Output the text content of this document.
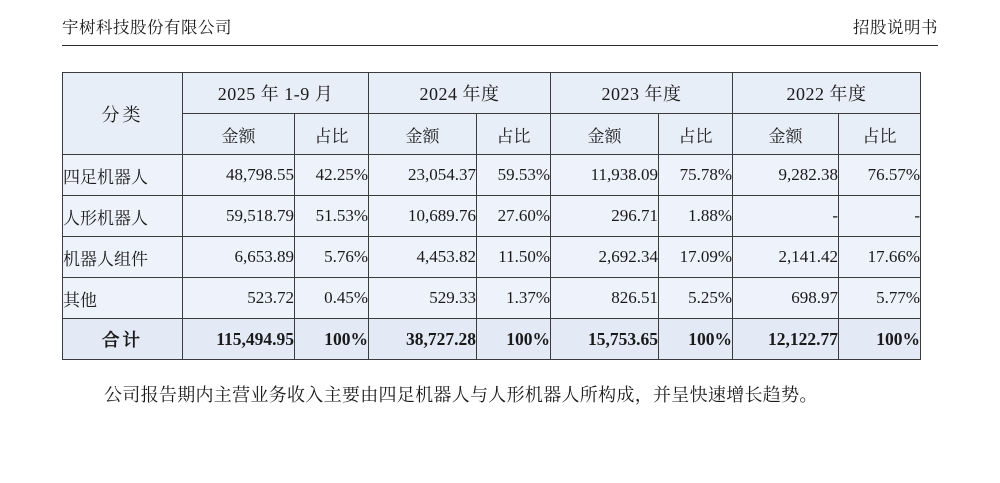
宇树科技股份有限公司	招股说明书
分类	2025 年 1-9 月		2024 年度		2023 年度		2022 年度	
	金额	占比	金额	占比	金额	占比	金额	占比
四足机器人	48,798.55	42.25%	23,054.37	59.53%	11,938.09	75.78%	9,282.38	76.57%
人形机器人	59,518.79	51.53%	10,689.76	27.60%	296.71	1.88%	-	-
机器人组件	6,653.89	5.76%	4,453.82	11.50%	2,692.34	17.09%	2,141.42	17.66%
其他	523.72	0.45%	529.33	1.37%	826.51	5.25%	698.97	5.77%
合计	115,494.95	100%	38,727.28	100%	15,753.65	100%	12,122.77	100%
公司报告期内主营业务收入主要由四足机器人与人形机器人所构成，并呈快速增长趋势。
